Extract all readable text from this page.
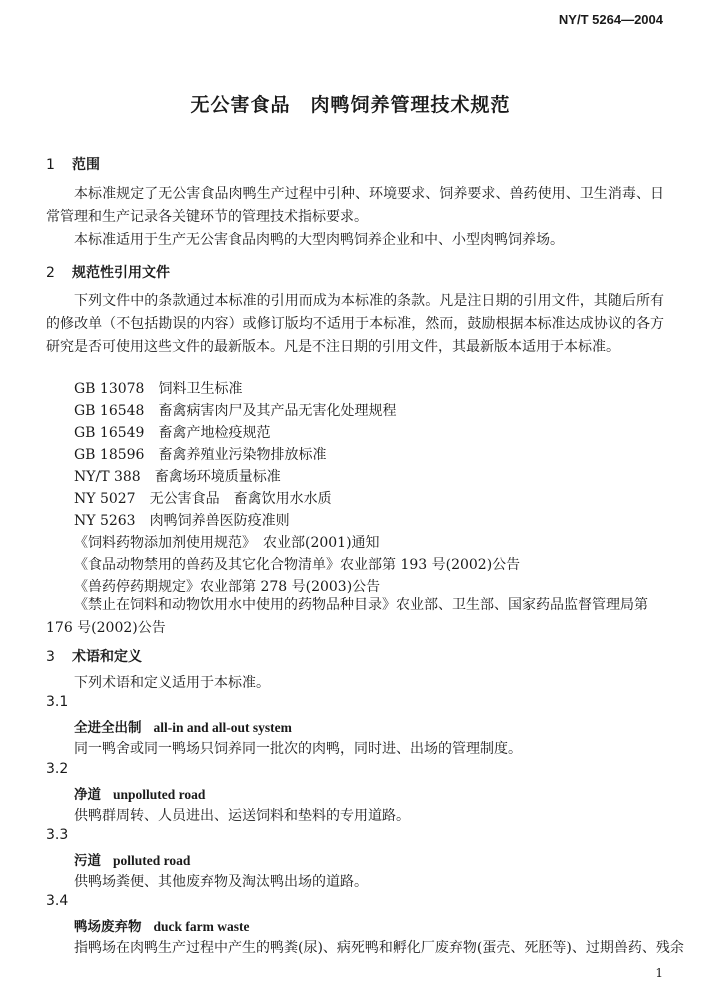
NY/T 5264—2004
无公害食品　肉鸭饲养管理技术规范
1 范围
本标准规定了无公害食品肉鸭生产过程中引种、环境要求、饲养要求、兽药使用、卫生消毒、日常管理和生产记录各关键环节的管理技术指标要求。
本标准适用于生产无公害食品肉鸭的大型肉鸭饲养企业和中、小型肉鸭饲养场。
2 规范性引用文件
下列文件中的条款通过本标准的引用而成为本标准的条款。凡是注日期的引用文件，其随后所有的修改单（不包括勘误的内容）或修订版均不适用于本标准，然而，鼓励根据本标准达成协议的各方研究是否可使用这些文件的最新版本。凡是不注日期的引用文件，其最新版本适用于本标准。
GB 13078　饲料卫生标准
GB 16548　畜禽病害肉尸及其产品无害化处理规程
GB 16549　畜禽产地检疫规范
GB 18596　畜禽养殖业污染物排放标准
NY/T 388　畜禽场环境质量标准
NY 5027　无公害食品　畜禽饮用水水质
NY 5263　肉鸭饲养兽医防疫准则
《饲料药物添加剂使用规范》　农业部(2001)通知
《食品动物禁用的兽药及其它化合物清单》农业部第 193 号(2002)公告
《兽药停药期规定》农业部第 278 号(2003)公告
《禁止在饲料和动物饮用水中使用的药物品种目录》农业部、卫生部、国家药品监督管理局第 176 号(2002)公告
3 术语和定义
下列术语和定义适用于本标准。
3.1
全进全出制 all-in and all-out system
同一鸭舍或同一鸭场只饲养同一批次的肉鸭，同时进、出场的管理制度。
3.2
净道 unpolluted road
供鸭群周转、人员进出、运送饲料和垫料的专用道路。
3.3
污道 polluted road
供鸭场粪便、其他废弃物及淘汰鸭出场的道路。
3.4
鸭场废弃物 duck farm waste
指鸭场在肉鸭生产过程中产生的鸭粪(尿)、病死鸭和孵化厂废弃物(蛋壳、死胚等)、过期兽药、残余
1
